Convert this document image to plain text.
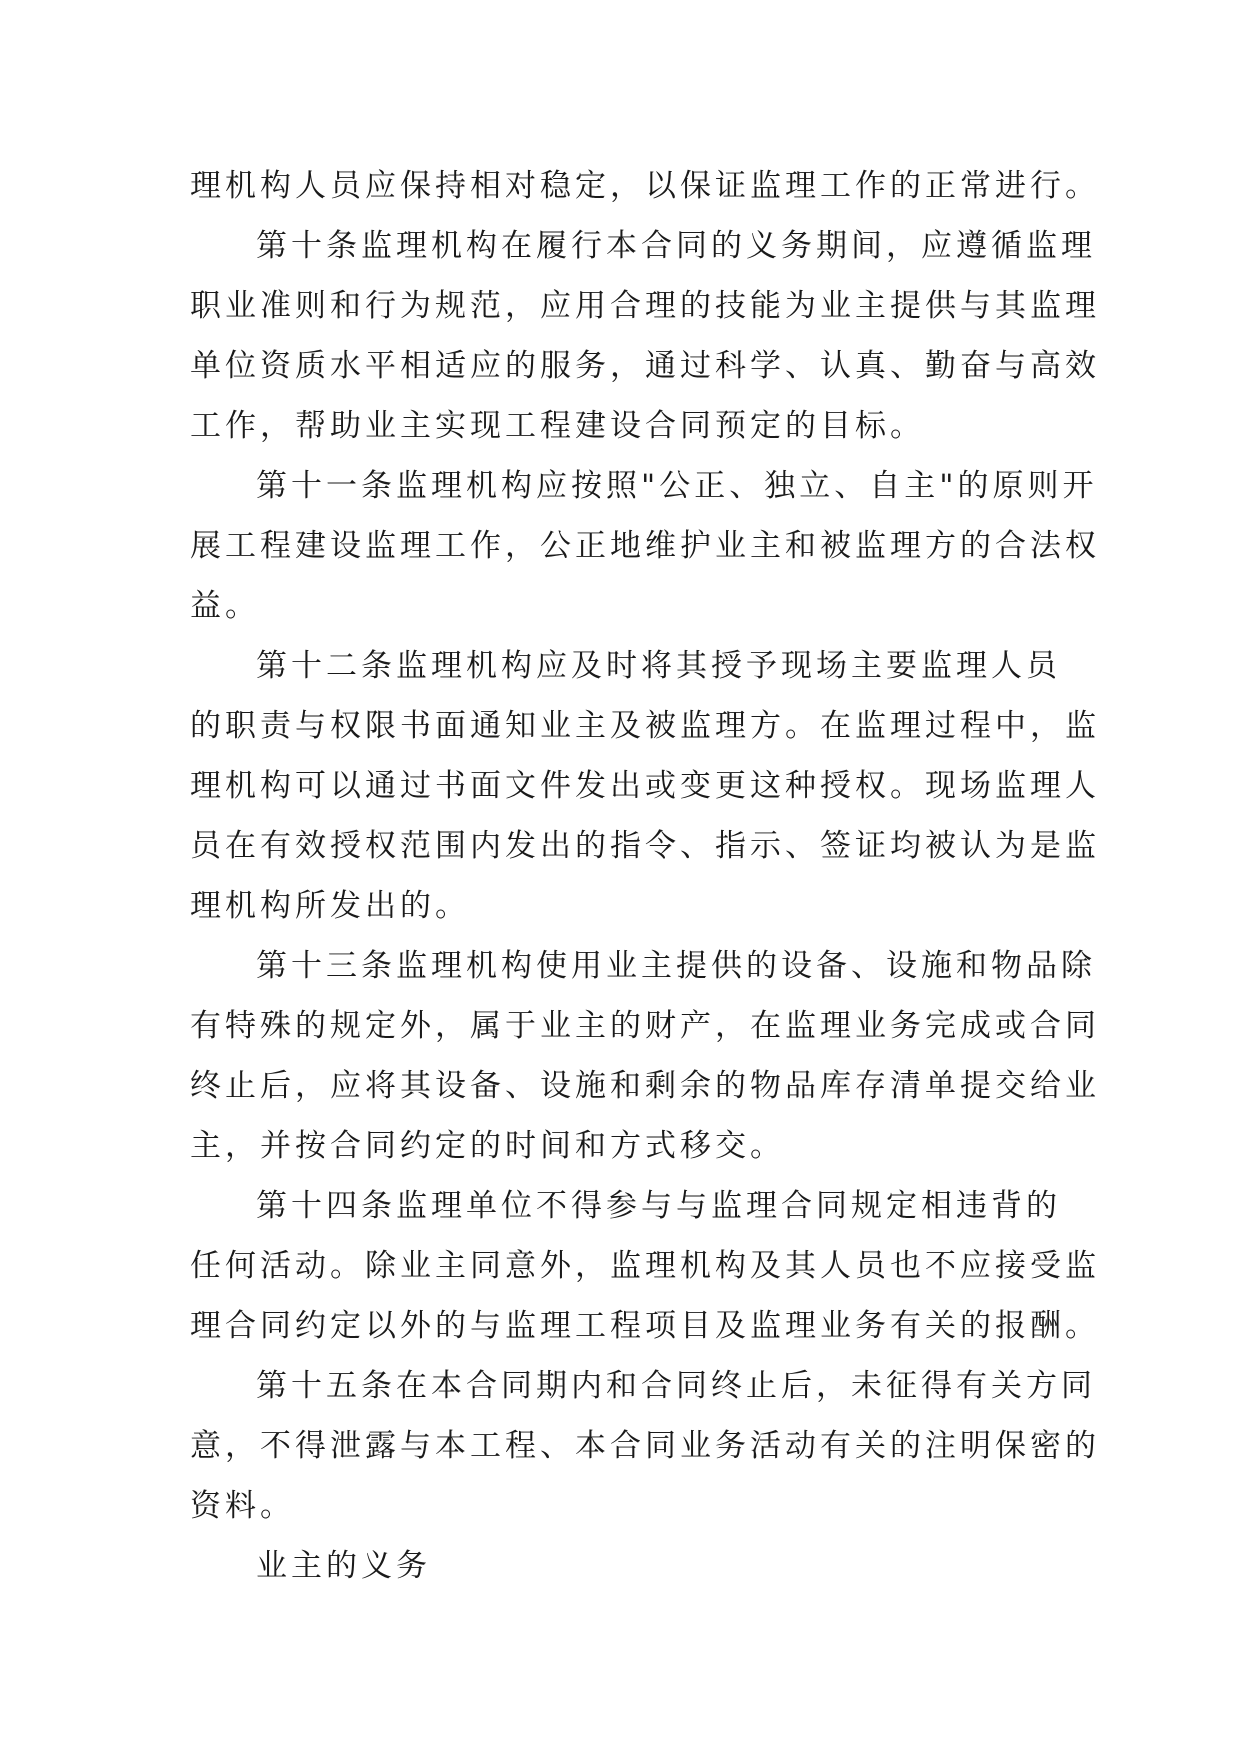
理机构人员应保持相对稳定，以保证监理工作的正常进行。
第十条监理机构在履行本合同的义务期间，应遵循监理
职业准则和行为规范，应用合理的技能为业主提供与其监理
单位资质水平相适应的服务，通过科学、认真、勤奋与高效
工作，帮助业主实现工程建设合同预定的目标。
第十一条监理机构应按照"公正、独立、自主"的原则开
展工程建设监理工作，公正地维护业主和被监理方的合法权
益。
第十二条监理机构应及时将其授予现场主要监理人员
的职责与权限书面通知业主及被监理方。在监理过程中，监
理机构可以通过书面文件发出或变更这种授权。现场监理人
员在有效授权范围内发出的指令、指示、签证均被认为是监
理机构所发出的。
第十三条监理机构使用业主提供的设备、设施和物品除
有特殊的规定外，属于业主的财产，在监理业务完成或合同
终止后，应将其设备、设施和剩余的物品库存清单提交给业
主，并按合同约定的时间和方式移交。
第十四条监理单位不得参与与监理合同规定相违背的
任何活动。除业主同意外，监理机构及其人员也不应接受监
理合同约定以外的与监理工程项目及监理业务有关的报酬。
第十五条在本合同期内和合同终止后，未征得有关方同
意，不得泄露与本工程、本合同业务活动有关的注明保密的
资料。
业主的义务
